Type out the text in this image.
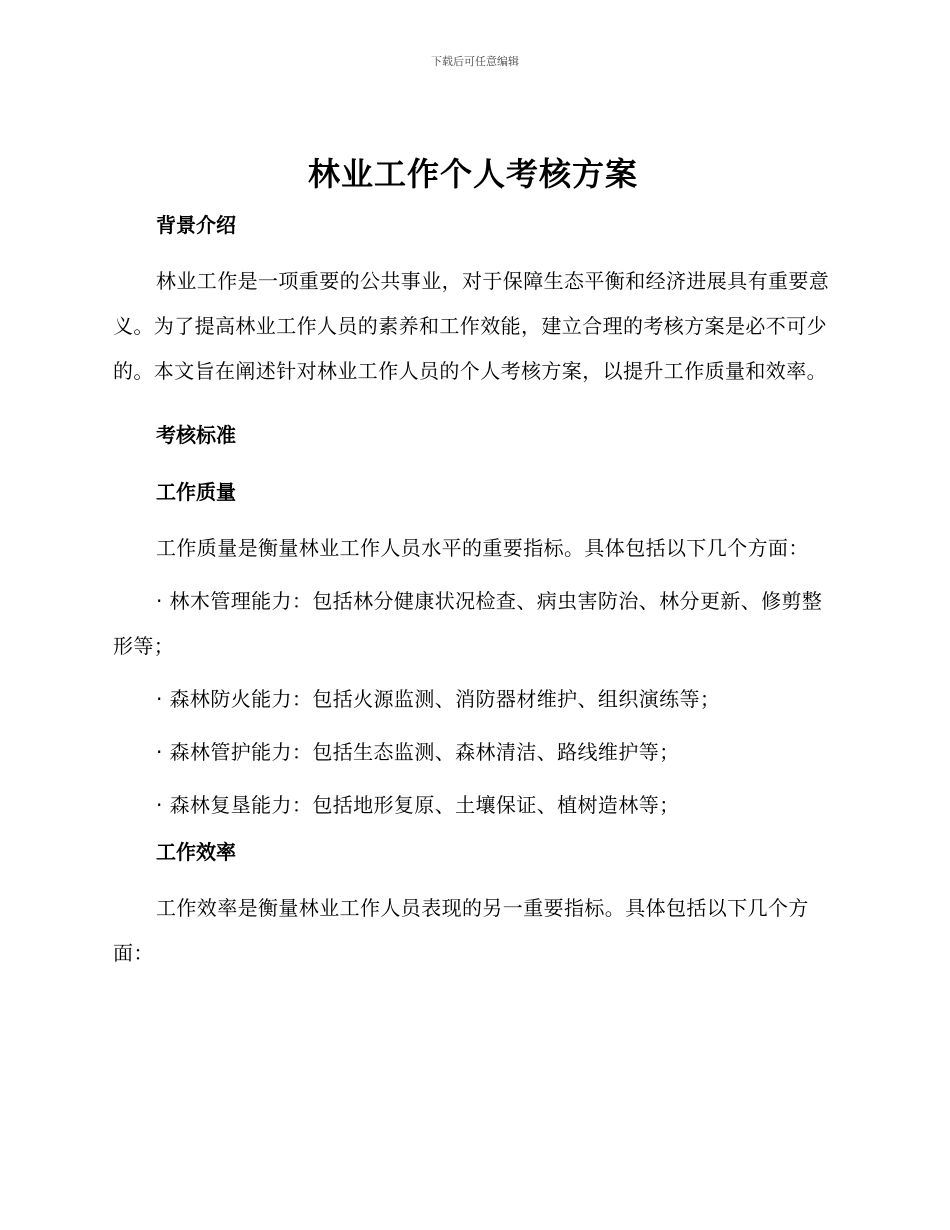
下载后可任意编辑
林业工作个人考核方案
背景介绍

林业工作是一项重要的公共事业，对于保障生态平衡和经济进展具有重要意义。为了提高林业工作人员的素养和工作效能，建立合理的考核方案是必不可少的。本文旨在阐述针对林业工作人员的个人考核方案，以提升工作质量和效率。

考核标准
工作质量

工作质量是衡量林业工作人员水平的重要指标。具体包括以下几个方面：

· 林木管理能力：包括林分健康状况检查、病虫害防治、林分更新、修剪整形等；

· 森林防火能力：包括火源监测、消防器材维护、组织演练等；

· 森林管护能力：包括生态监测、森林清洁、路线维护等；

· 森林复垦能力：包括地形复原、土壤保证、植树造林等；

工作效率

工作效率是衡量林业工作人员表现的另一重要指标。具体包括以下几个方面：
